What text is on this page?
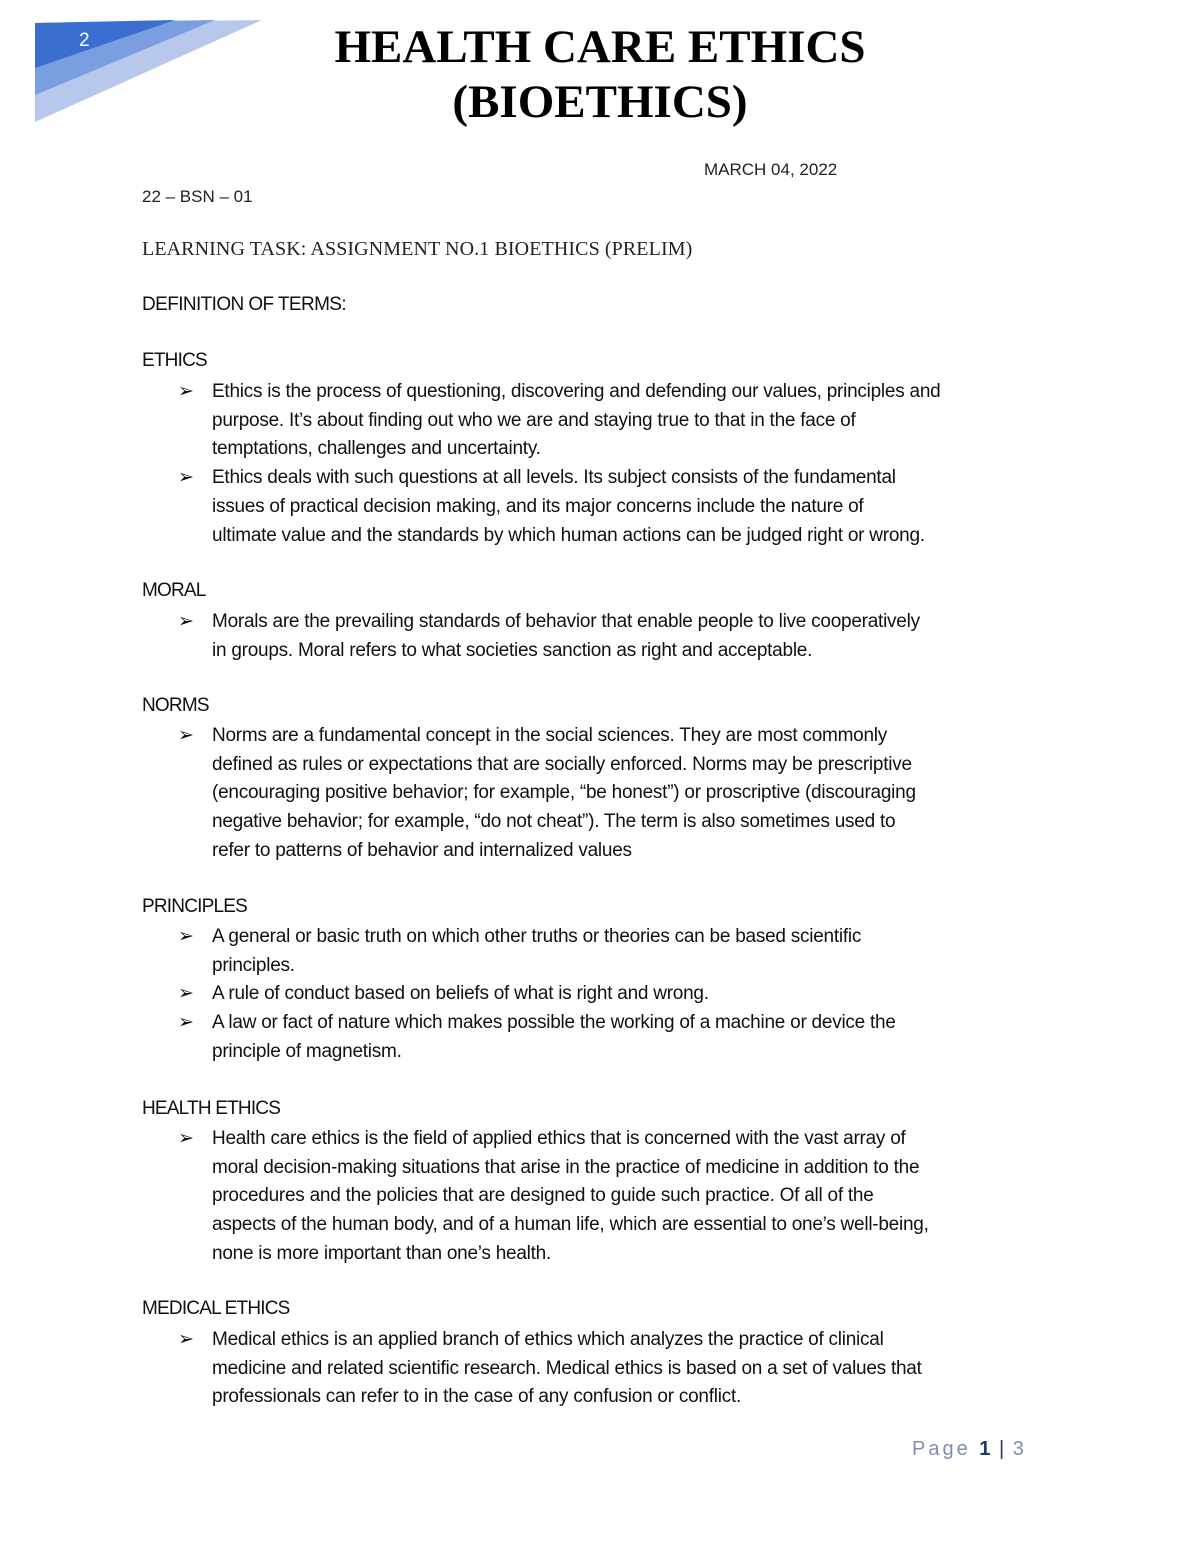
2	HEALTH CARE ETHICS
(BIOETHICS)
MARCH 04, 2022
22 – BSN – 01
LEARNING TASK: ASSIGNMENT NO.1 BIOETHICS (PRELIM)
DEFINITION OF TERMS:
ETHICS
➢ Ethics is the process of questioning, discovering and defending our values, principles and
purpose. It’s about finding out who we are and staying true to that in the face of
temptations, challenges and uncertainty.
➢ Ethics deals with such questions at all levels. Its subject consists of the fundamental
issues of practical decision making, and its major concerns include the nature of
ultimate value and the standards by which human actions can be judged right or wrong.
MORAL
➢ Morals are the prevailing standards of behavior that enable people to live cooperatively
in groups. Moral refers to what societies sanction as right and acceptable.
NORMS
➢ Norms are a fundamental concept in the social sciences. They are most commonly
defined as rules or expectations that are socially enforced. Norms may be prescriptive
(encouraging positive behavior; for example, “be honest”) or proscriptive (discouraging
negative behavior; for example, “do not cheat”). The term is also sometimes used to
refer to patterns of behavior and internalized values
PRINCIPLES
➢ A general or basic truth on which other truths or theories can be based scientific
principles.
➢ A rule of conduct based on beliefs of what is right and wrong.
➢ A law or fact of nature which makes possible the working of a machine or device the
principle of magnetism.
HEALTH ETHICS
➢ Health care ethics is the field of applied ethics that is concerned with the vast array of
moral decision-making situations that arise in the practice of medicine in addition to the
procedures and the policies that are designed to guide such practice. Of all of the
aspects of the human body, and of a human life, which are essential to one’s well-being,
none is more important than one’s health.
MEDICAL ETHICS
➢ Medical ethics is an applied branch of ethics which analyzes the practice of clinical
medicine and related scientific research. Medical ethics is based on a set of values that
professionals can refer to in the case of any confusion or conflict.
Page 1 | 3
